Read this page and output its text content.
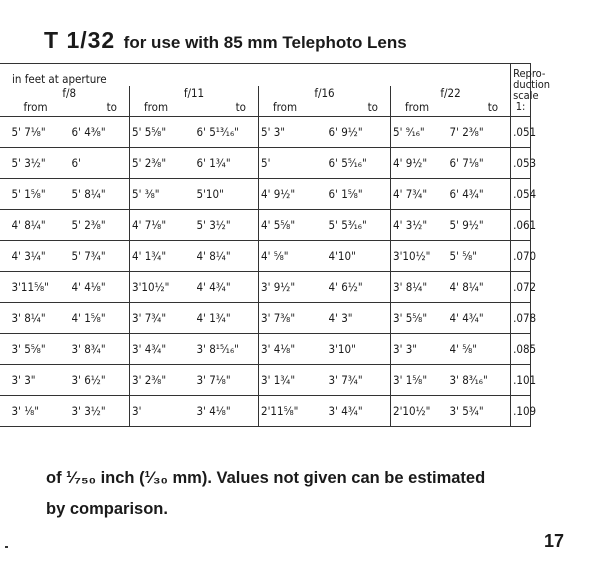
T 1/32 for use with 85 mm Telephoto Lens
in feet at aperture									Repro-
duction
scale
1:
	f/8		f/11		f/16		f/22		

	from to		from to		from to		from to		

	5' 7⅛"	6' 4⅜"	5' 5⅝"	6' 5¹³⁄₁₆"	5' 3"	6' 9½"	5' ⁹⁄₁₆"	7' 2⅜"	.051
	5' 3½"	6'	5' 2⅜"	6' 1¾"	5'	6' 5⁵⁄₁₆"	4' 9½"	6' 7⅛"	.053
	5' 1⅝"	5' 8¼"	5' ⅜"	5'10"	4' 9½"	6' 1⅝"	4' 7¾"	6' 4¾"	.054
	4' 8¼"	5' 2⅜"	4' 7⅛"	5' 3½"	4' 5⅝"	5' 5³⁄₁₆"	4' 3½"	5' 9½"	.061
	4' 3¼"	5' 7¾"	4' 1¾"	4' 8¼"	4' ⅝"	4'10"	3'10½"	5' ⅝"	.070
	3'11⅝"	4' 4⅛"	3'10½"	4' 4¾"	3' 9½"	4' 6½"	3' 8¼"	4' 8¼"	.072
	3' 8¼"	4' 1⅝"	3' 7¾"	4' 1¾"	3' 7⅜"	4' 3"	3' 5⅝"	4' 4¾"	.078
	3' 5⅝"	3' 8¾"	3' 4¾"	3' 8¹⁵⁄₁₆"	3' 4⅛"	3'10"	3' 3"	4' ⅝"	.085
	3' 3"	3' 6½"	3' 2⅜"	3' 7⅛"	3' 1¾"	3' 7¾"	3' 1⅝"	3' 8³⁄₁₆"	.101
	3' ⅛"	3' 3½"	3'	3' 4⅛"	2'11⅝"	3' 4¾"	2'10½"	3' 5¾"	.109
of ¹⁄₇₅₀ inch (¹⁄₃₀ mm). Values not given can be estimated
by comparison.
17
